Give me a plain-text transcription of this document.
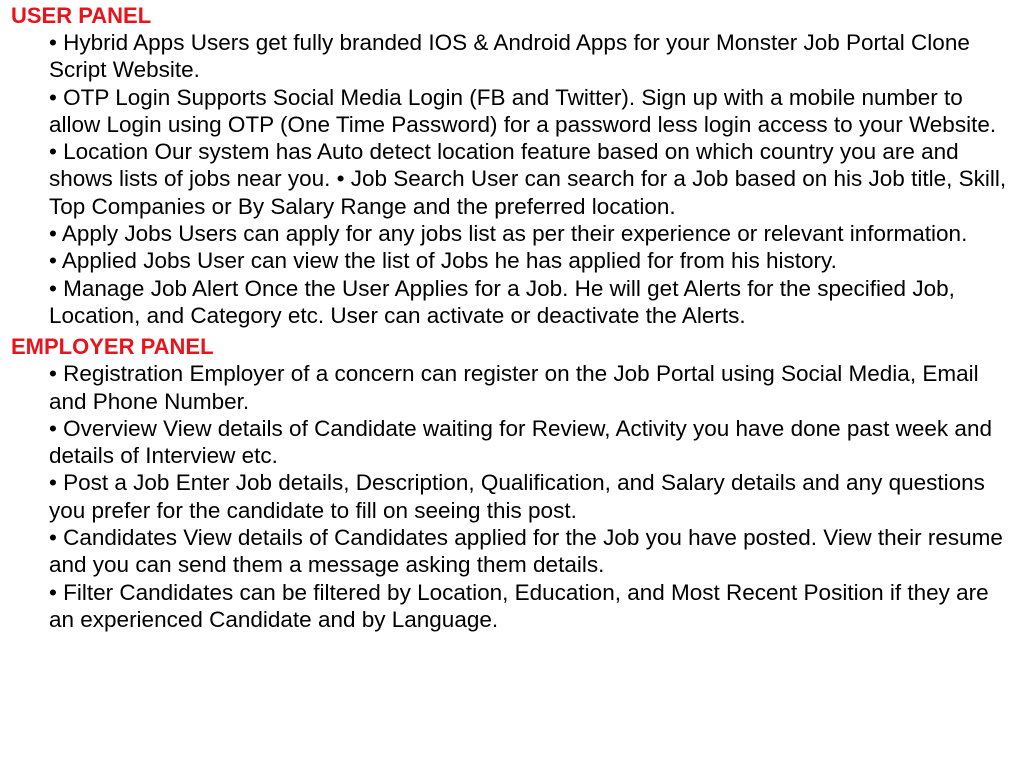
USER PANEL
• Hybrid Apps Users get fully branded IOS & Android Apps for your Monster Job Portal Clone Script Website.
• OTP Login Supports Social Media Login (FB and Twitter). Sign up with a mobile number to allow Login using OTP (One Time Password) for a password less login access to your Website.
• Location Our system has Auto detect location feature based on which country you are and shows lists of jobs near you. • Job Search User can search for a Job based on his Job title, Skill, Top Companies or By Salary Range and the preferred location.
• Apply Jobs Users can apply for any jobs list as per their experience or relevant information.
• Applied Jobs User can view the list of Jobs he has applied for from his history.
• Manage Job Alert Once the User Applies for a Job. He will get Alerts for the specified Job, Location, and Category etc. User can activate or deactivate the Alerts.
EMPLOYER PANEL
• Registration Employer of a concern can register on the Job Portal using Social Media, Email and Phone Number.
• Overview View details of Candidate waiting for Review, Activity you have done past week and details of Interview etc.
• Post a Job Enter Job details, Description, Qualification, and Salary details and any questions you prefer for the candidate to fill on seeing this post.
• Candidates View details of Candidates applied for the Job you have posted. View their resume and you can send them a message asking them details.
• Filter Candidates can be filtered by Location, Education, and Most Recent Position if they are an experienced Candidate and by Language.
